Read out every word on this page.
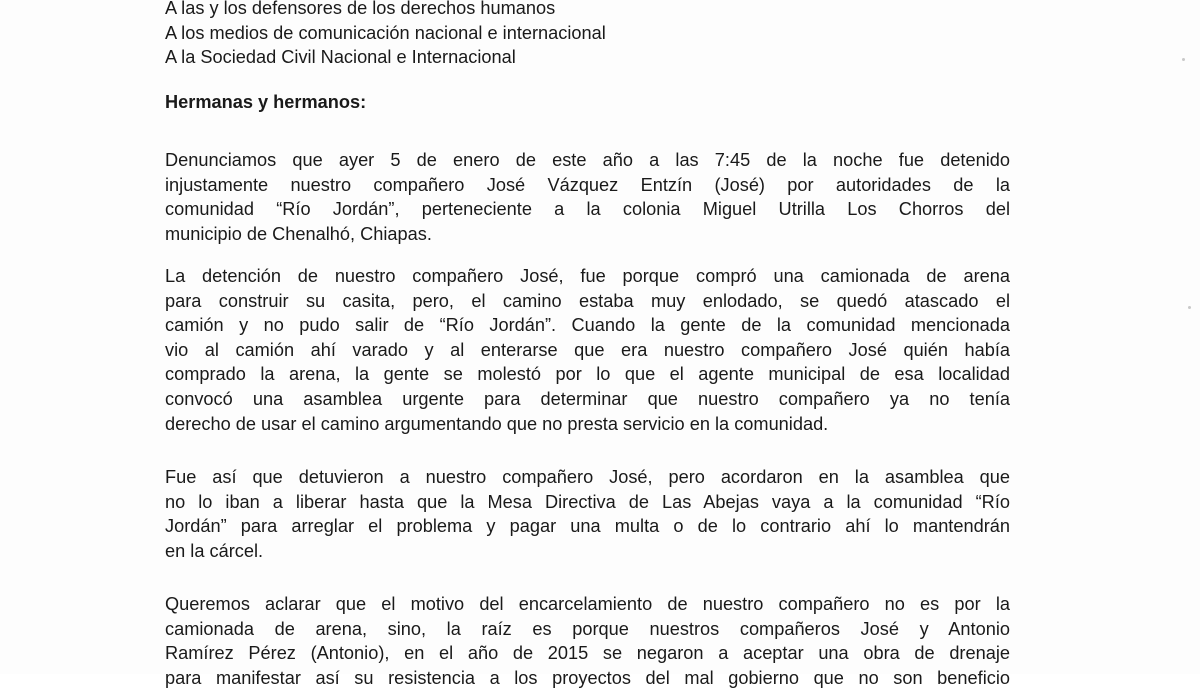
A las y los defensores de los derechos humanos
A los medios de comunicación nacional e internacional
A la Sociedad Civil Nacional e Internacional
Hermanas y hermanos:
Denunciamos que ayer 5 de enero de este año a las 7:45 de la noche fue detenido
injustamente nuestro compañero José Vázquez Entzín (José) por autoridades de la
comunidad “Río Jordán”, perteneciente a la colonia Miguel Utrilla Los Chorros del
municipio de Chenalhó, Chiapas.
La detención de nuestro compañero José, fue porque compró una camionada de arena
para construir su casita, pero, el camino estaba muy enlodado, se quedó atascado el
camión y no pudo salir de “Río Jordán”. Cuando la gente de la comunidad mencionada
vio al camión ahí varado y al enterarse que era nuestro compañero José quién había
comprado la arena, la gente se molestó por lo que el agente municipal de esa localidad
convocó una asamblea urgente para determinar que nuestro compañero ya no tenía
derecho de usar el camino argumentando que no presta servicio en la comunidad.
Fue así que detuvieron a nuestro compañero José, pero acordaron en la asamblea que
no lo iban a liberar hasta que la Mesa Directiva de Las Abejas vaya a la comunidad “Río
Jordán” para arreglar el problema y pagar una multa o de lo contrario ahí lo mantendrán
en la cárcel.
Queremos aclarar que el motivo del encarcelamiento de nuestro compañero no es por la
camionada de arena, sino, la raíz es porque nuestros compañeros José y Antonio
Ramírez Pérez (Antonio), en el año de 2015 se negaron a aceptar una obra de drenaje
para manifestar así su resistencia a los proyectos del mal gobierno que no son beneficio
